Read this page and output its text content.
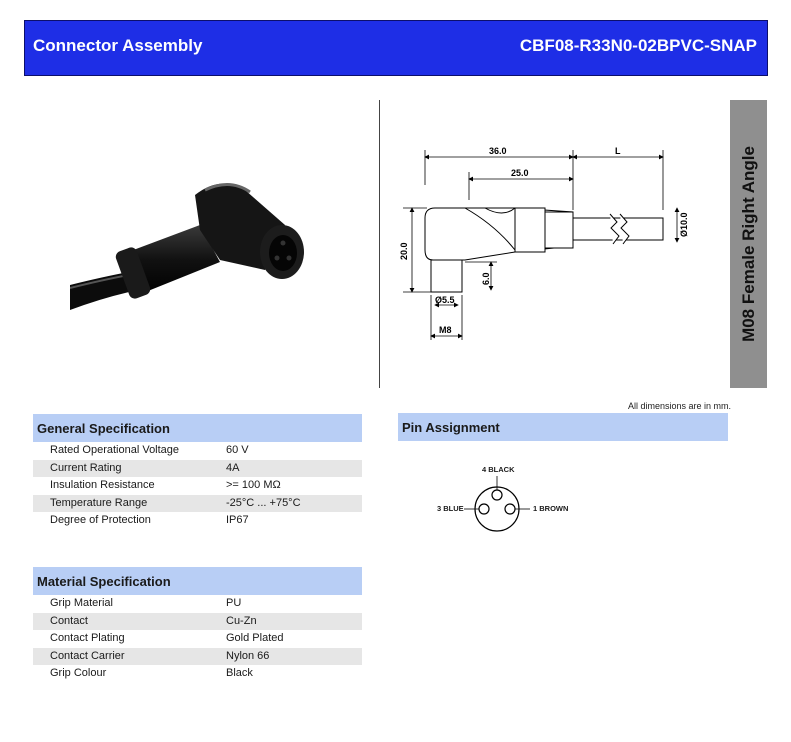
Connector Assembly	CBF08-R33N0-02BPVC-SNAP
36.0	L
25.0
20.0
6.0
Ø10.0
Ø5.5
M8	M08 Female Right Angle
All dimensions are in mm.
General Specification
Rated Operational Voltage	60 V
Current Rating	4A
Insulation Resistance	>= 100 MΩ
Temperature Range	-25°C ... +75°C
Degree of Protection	IP67
Pin Assignment
4 BLACK
3 BLUE	1 BROWN
Material Specification
Grip Material	PU
Contact	Cu-Zn
Contact Plating	Gold Plated
Contact Carrier	Nylon 66
Grip Colour	Black
